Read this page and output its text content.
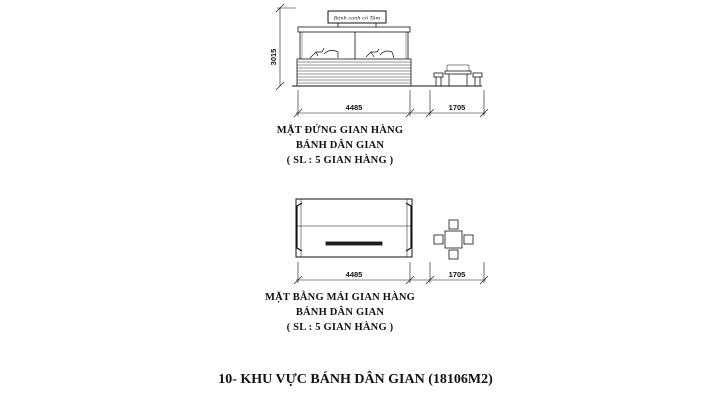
Bánh canh cô Tâm
3015
4485	1705
4485	1705
MẶT ĐỨNG GIAN HÀNG
BÁNH DÂN GIAN
( SL : 5 GIAN HÀNG )
MẶT BẰNG MÁI GIAN HÀNG
BÁNH DÂN GIAN
( SL : 5 GIAN HÀNG )
10- KHU VỰC BÁNH DÂN GIAN (18106M2)
